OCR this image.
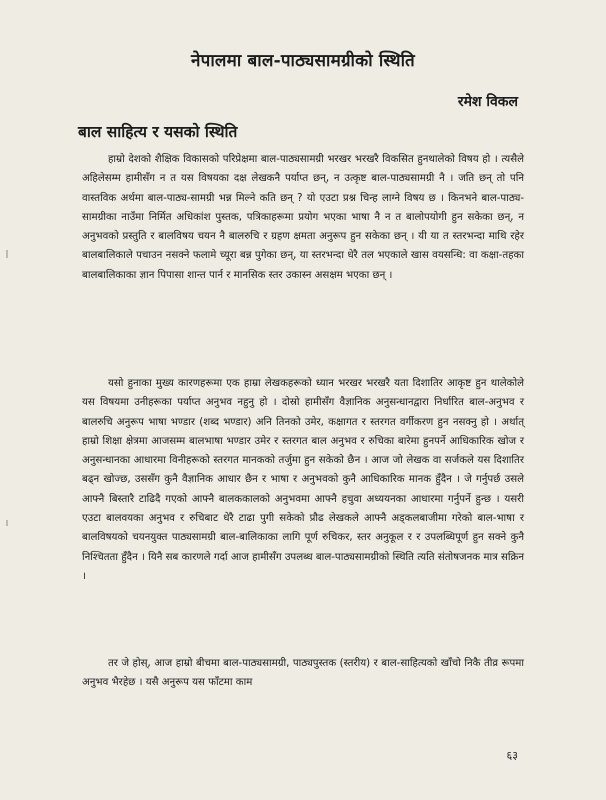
नेपालमा बाल-पाठ्यसामग्रीको स्थिति
रमेश विकल
बाल साहित्य र यसको स्थिति

हाम्रो देशको शैक्षिक विकासको परिप्रेक्षमा बाल-पाठ्यसामग्री भरखर भरखरै विकसित हुनथालेको विषय हो । त्यसैले अहिलेसम्म हामीसँग न त यस विषयका दक्ष लेखकनै पर्याप्त छन्, न उत्कृष्ट बाल-पाठ्यसामग्री नै । जति छन् तो पनि वास्तविक अर्थमा बाल-पाठ्य-सामग्री भन्न मिल्ने कति छन् ? यो एउटा प्रश्न चिन्ह लाग्ने विषय छ । किनभने बाल-पाठ्य-सामग्रीका नाउँमा निर्मित अधिकांश पुस्तक, पत्रिकाहरूमा प्रयोग भएका भाषा नै न त बालोपयोगी हुन सकेका छन्, न अनुभवको प्रस्तुति र बालविषय चयन नै बालरुचि र ग्रहण क्षमता अनुरूप हुन सकेका छन् । यी या त स्तरभन्दा माथि रहेर बालबालिकाले पचाउन नसक्ने फलामे च्यूरा बन्न पुगेका छन्, या स्तरभन्दा धेरै तल भएकाले खास वयसन्धि: वा कक्षा-तहका बालबालिकाका ज्ञान पिपासा शान्त पार्न र मानसिक स्तर उकास्न असक्षम भएका छन् ।

यसो हुनाका मुख्य कारणहरूमा एक हाम्रा लेखकहरूको ध्यान भरखर भरखरै यता दिशातिर आकृष्ट हुन थालेकोले यस विषयमा उनीहरूका पर्याप्त अनुभव नहुनु हो । दोस्रो हामीसँग वैज्ञानिक अनुसन्धानद्वारा निर्धारित बाल-अनुभव र बालरुचि अनुरूप भाषा भण्डार (शब्द भण्डार) अनि तिनको उमेर, कक्षागत र स्तरगत वर्गीकरण हुन नसक्नु हो । अर्थात् हाम्रो शिक्षा क्षेत्रमा आजसम्म बालभाषा भण्डार उमेर र स्तरगत बाल अनुभव र रुचिका बारेमा हुनपर्ने आधिकारिक खोज र अनुसन्धानका आधारमा विनीहरूको स्तरगत मानकको तर्जुमा हुन सकेको छैन । आज जो लेखक वा सर्जकले यस दिशातिर बढ्न खोज्छ, उससँग कुनै वैज्ञानिक आधार छैन र भाषा र अनुभवको कुनै आधिकारिक मानक हुँदैन । जे गर्नुपर्छ उसले आफ्नै बिस्तारै टाढिदै गएको आफ्नै बालककालको अनुभवमा आफ्नै हचुवा अध्ययनका आधारमा गर्नुपर्ने हुन्छ । यसरी एउटा बालवयका अनुभव र रुचिबाट धेरै टाढा पुगी सकेको प्रौढ लेखकले आफ्नै अड्कलबाजीमा गरेको बाल-भाषा र बालविषयको चयनयुक्त पाठ्यसामग्री बाल-बालिकाका लागि पूर्ण रुचिकर, स्तर अनुकूल र र उपलब्धिपूर्ण हुन सक्ने कुनै निश्चितता हुँदैन । यिनै सब कारणले गर्दा आज हामीसँग उपलब्ध बाल-पाठ्यसामग्रीको स्थिति त्यति संतोषजनक मात्र सक्रिन ।

तर जे होस्, आज हाम्रो बीचमा बाल-पाठ्यसामग्री, पाठ्यपुस्तक (स्तरीय) र बाल-साहित्यको खाँचो निकै तीव्र रूपमा अनुभव भैरहेछ । यसै अनुरूप यस फाँटमा काम

६३
